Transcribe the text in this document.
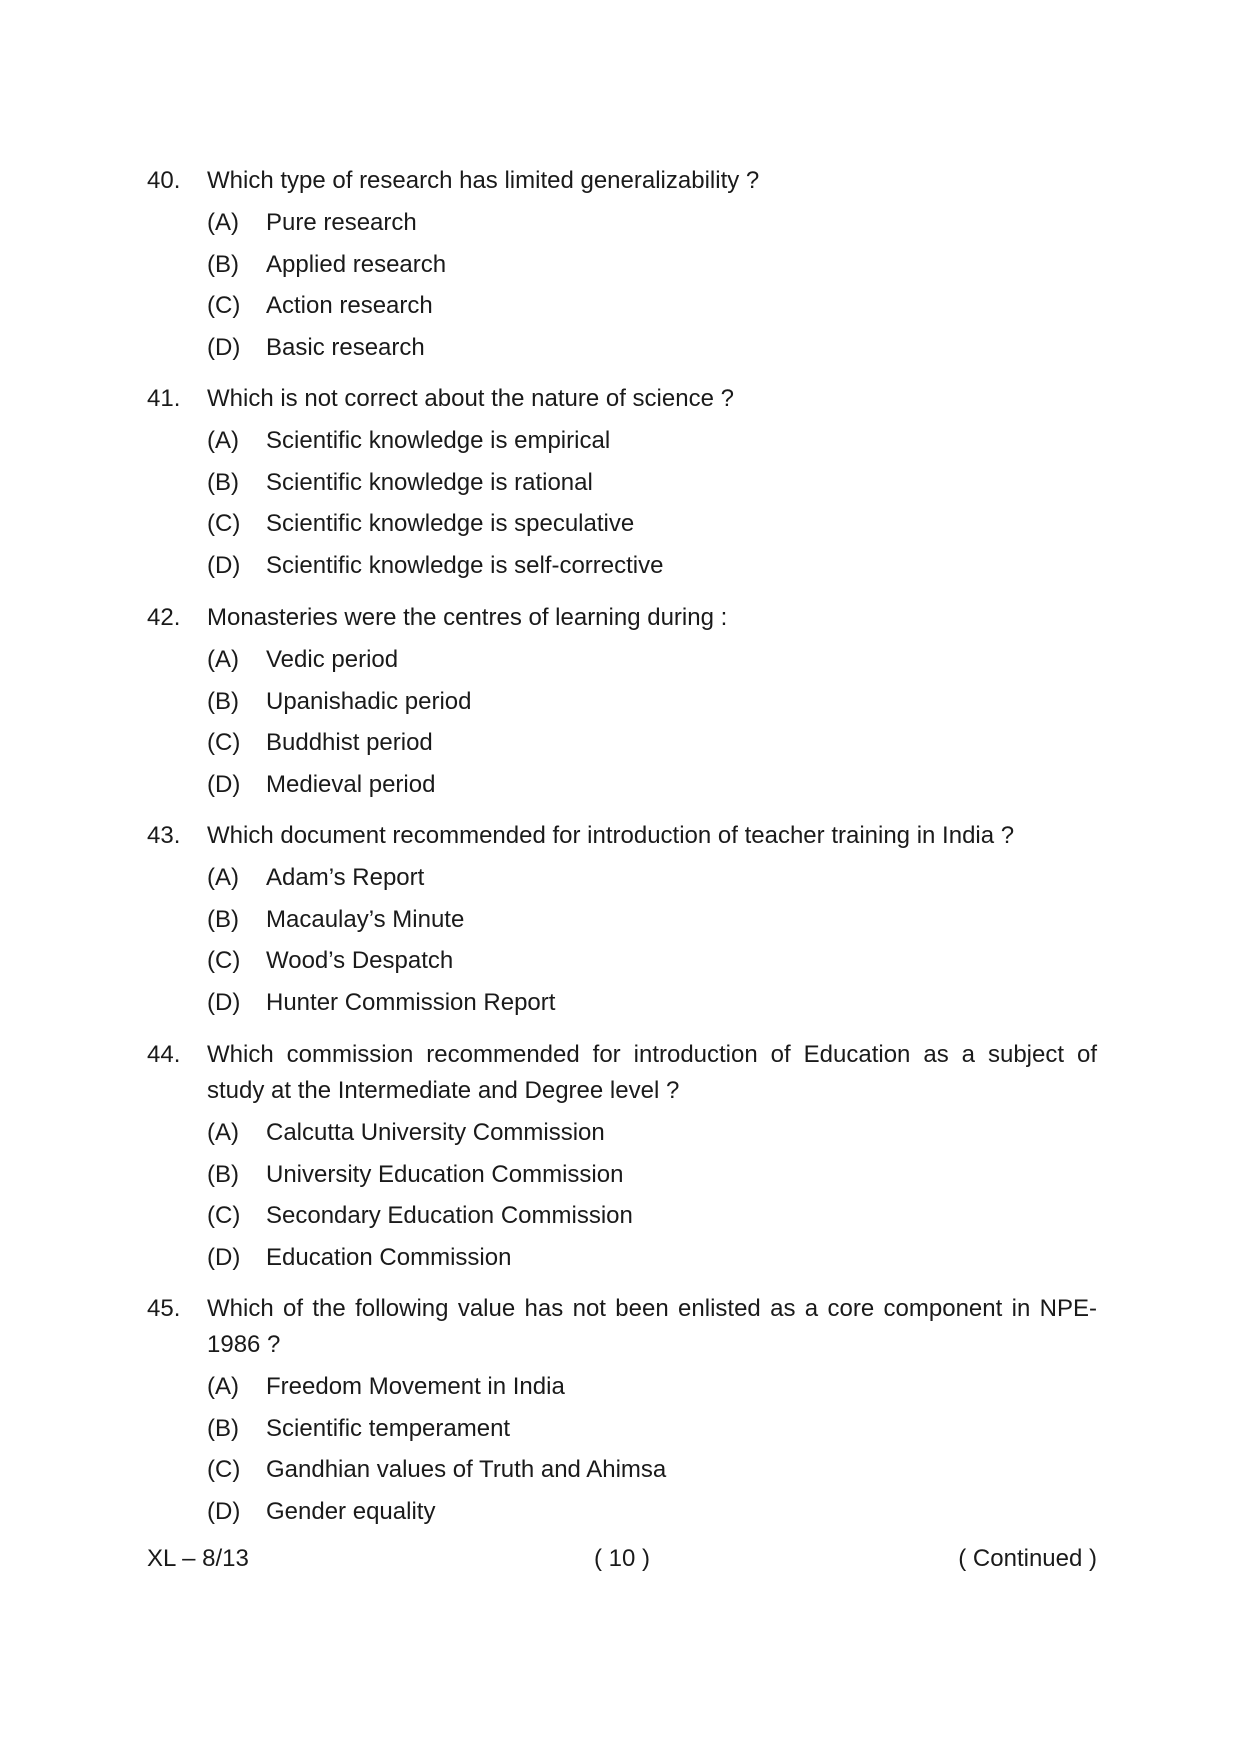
40.	Which type of research has limited generalizability ?
(A)	Pure research
(B)	Applied research
(C)	Action research
(D)	Basic research
41.	Which is not correct about the nature of science ?
(A)	Scientific knowledge is empirical
(B)	Scientific knowledge is rational
(C)	Scientific knowledge is speculative
(D)	Scientific knowledge is self-corrective
42.	Monasteries were the centres of learning during :
(A)	Vedic period
(B)	Upanishadic period
(C)	Buddhist period
(D)	Medieval period
43.	Which document recommended for introduction of teacher training in India ?
(A)	Adam’s Report
(B)	Macaulay’s Minute
(C)	Wood’s Despatch
(D)	Hunter Commission Report
44.	Which commission recommended for introduction of Education as a subject of study at the Intermediate and Degree level ?
(A)	Calcutta University Commission
(B)	University Education Commission
(C)	Secondary Education Commission
(D)	Education Commission
45.	Which of the following value has not been enlisted as a core component in NPE-1986 ?
(A)	Freedom Movement in India
(B)	Scientific temperament
(C)	Gandhian values of Truth and Ahimsa
(D)	Gender equality
XL – 8/13	( 10 )	( Continued )
